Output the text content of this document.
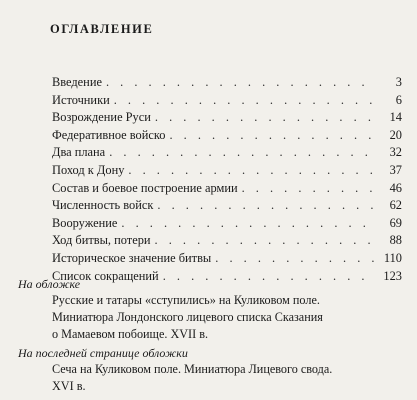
ОГЛАВЛЕНИЕ
Введение . . .	3
Источники . . .	6
Возрождение Руси . . .	14
Федеративное войско . . .	20
Два плана . . .	32
Поход к Дону . . .	37
Состав и боевое построение армии . . .	46
Численность войск . . .	62
Вооружение . . .	69
Ход битвы, потери . . .	88
Историческое значение битвы . . .	110
Список сокращений . . .	123
На обложке
Русские и татары «сступились» на Куликовом поле.
Миниатюра Лондонского лицевого списка Сказания
о Мамаевом побоище. XVII в.
На последней странице обложки
Сеча на Куликовом поле. Миниатюра Лицевого свода.
XVI в.
